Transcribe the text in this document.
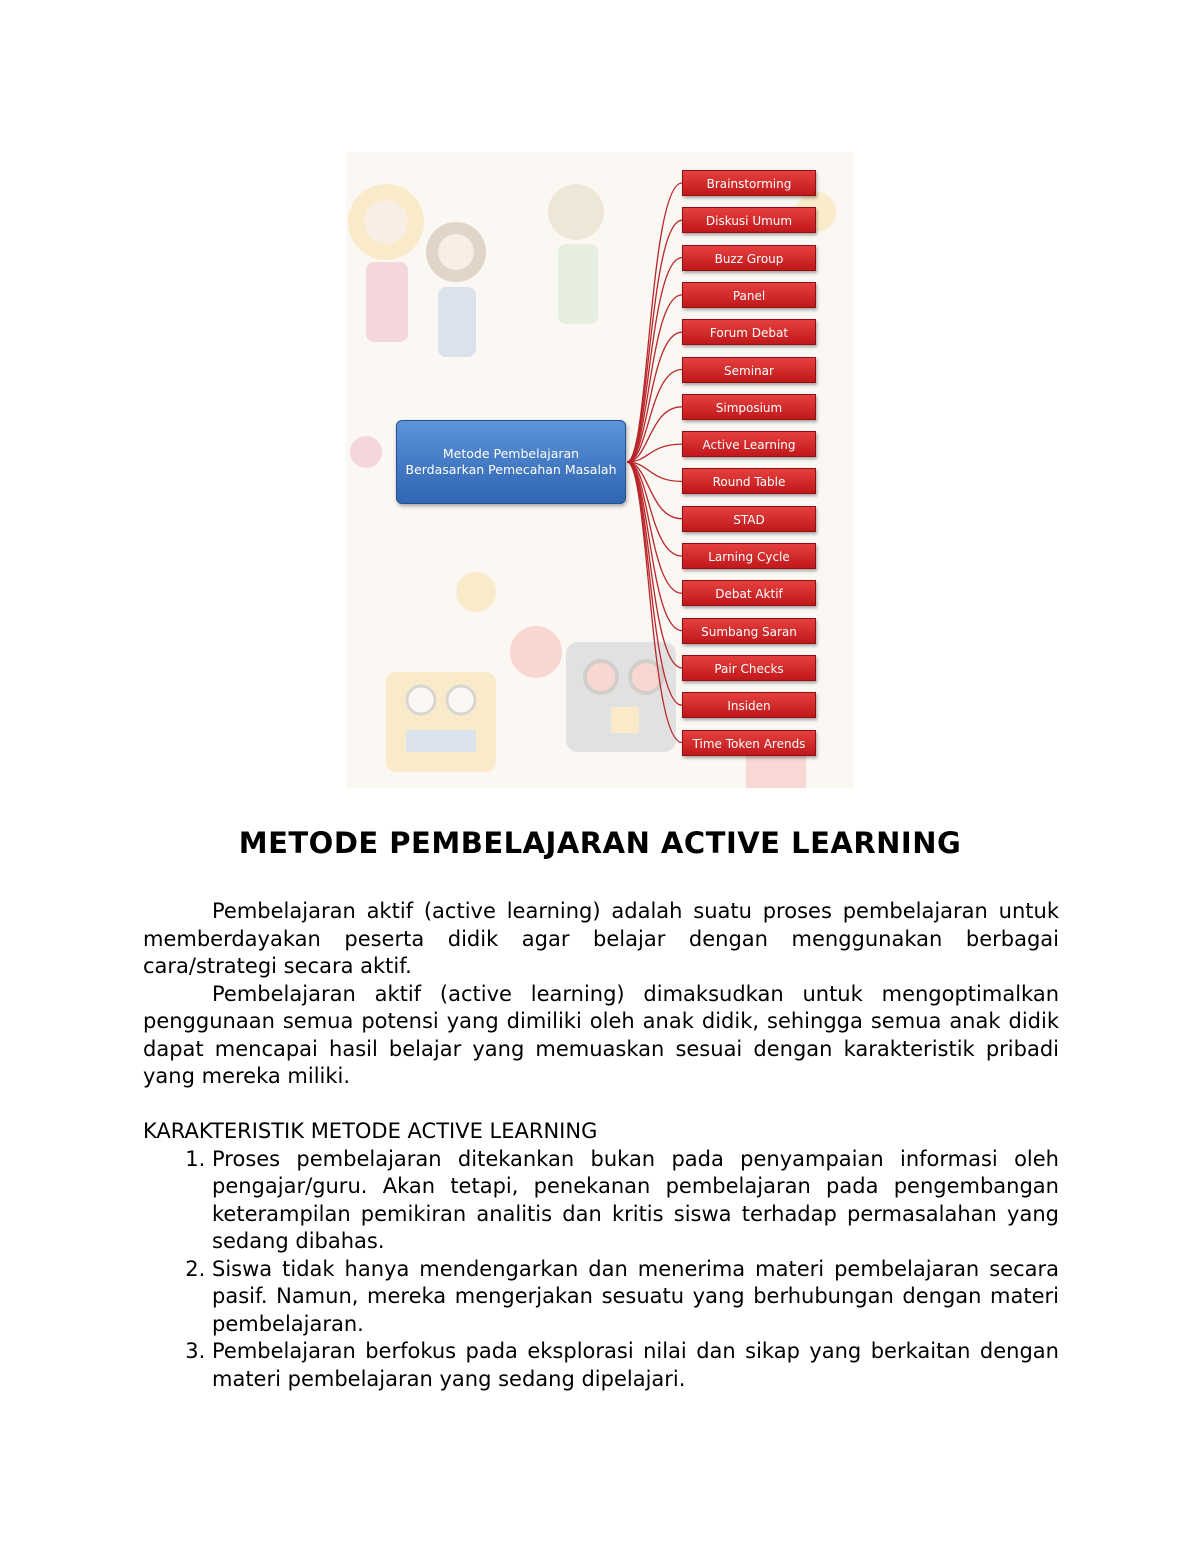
Metode Pembelajaran Berdasarkan Pemecahan Masalah
Brainstorming
Diskusi Umum
Buzz Group
Panel
Forum Debat
Seminar
Simposium
Active Learning
Round Table
STAD
Larning Cycle
Debat Aktif
Sumbang Saran
Pair Checks
Insiden
Time Token Arends
METODE PEMBELAJARAN ACTIVE LEARNING

Pembelajaran aktif (active learning) adalah suatu proses pembelajaran untuk memberdayakan peserta didik agar belajar dengan menggunakan berbagai cara/strategi secara aktif.

Pembelajaran aktif (active learning) dimaksudkan untuk mengoptimalkan penggunaan semua potensi yang dimiliki oleh anak didik, sehingga semua anak didik dapat mencapai hasil belajar yang memuaskan sesuai dengan karakteristik pribadi yang mereka miliki.

KARAKTERISTIK METODE ACTIVE LEARNING
1. Proses pembelajaran ditekankan bukan pada penyampaian informasi oleh pengajar/guru. Akan tetapi, penekanan pembelajaran pada pengembangan keterampilan pemikiran analitis dan kritis siswa terhadap permasalahan yang sedang dibahas.
2. Siswa tidak hanya mendengarkan dan menerima materi pembelajaran secara pasif. Namun, mereka mengerjakan sesuatu yang berhubungan dengan materi pembelajaran.
3. Pembelajaran berfokus pada eksplorasi nilai dan sikap yang berkaitan dengan materi pembelajaran yang sedang dipelajari.
